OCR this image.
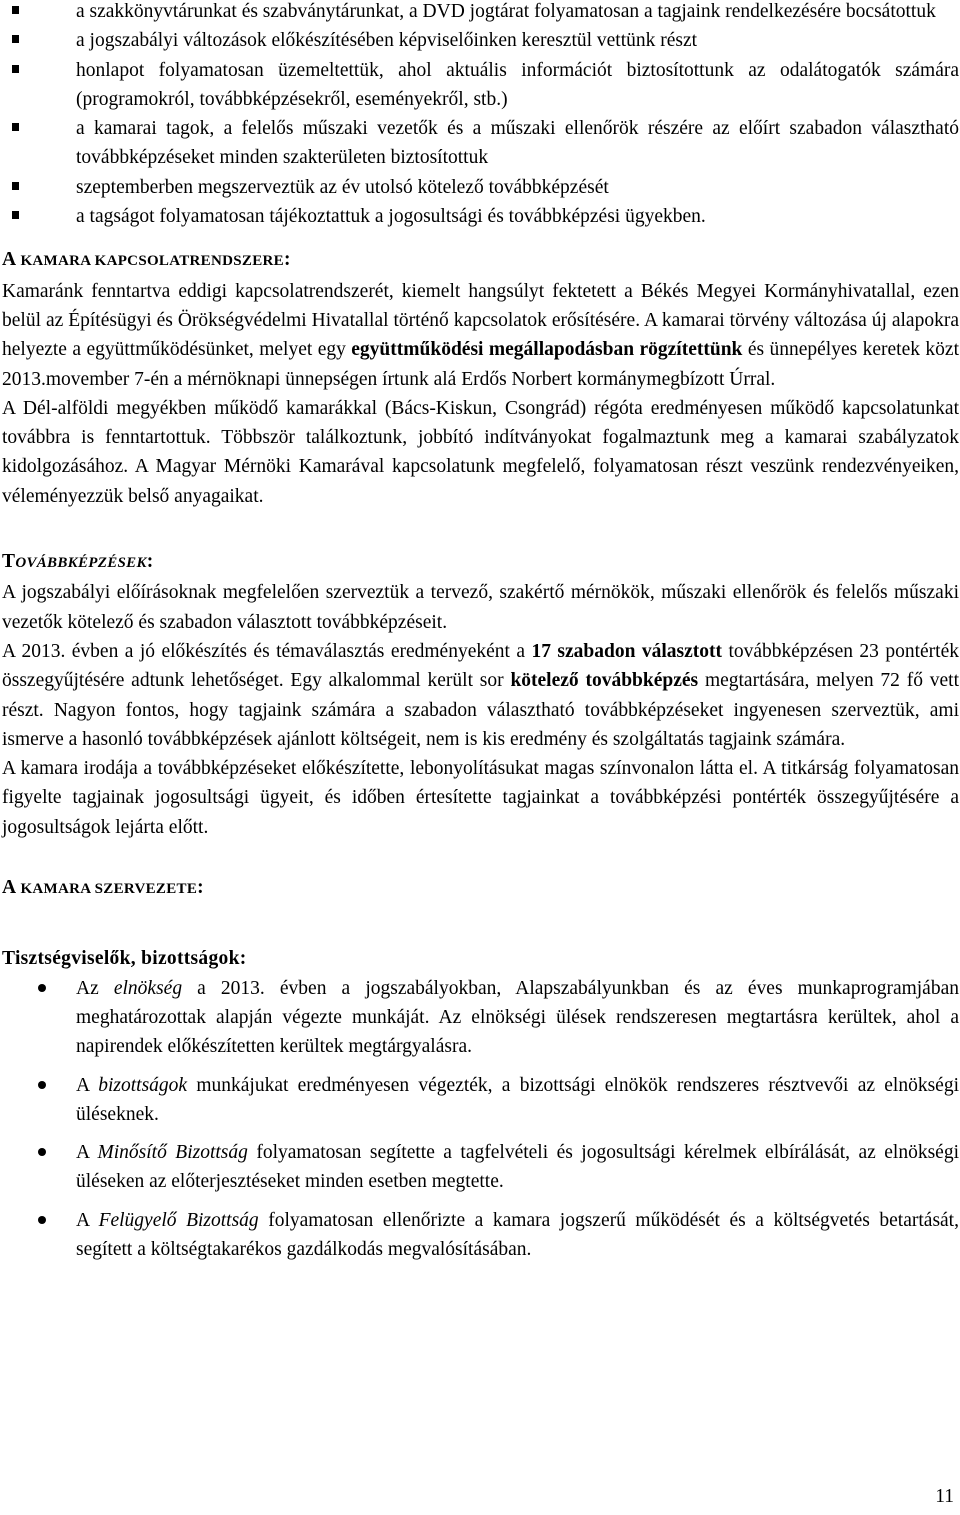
a szakkönyvtárunkat és szabványtárunkat, a DVD jogtárat folyamatosan a tagjaink rendelkezésére bocsátottuk
a jogszabályi változások előkészítésében képviselőinken keresztül vettünk részt
honlapot folyamatosan üzemeltettük, ahol aktuális információt biztosítottunk az odalátogatók számára (programokról, továbbképzésekről, eseményekről, stb.)
a kamarai tagok, a felelős műszaki vezetők és a műszaki ellenőrök részére az előírt szabadon választható továbbképzéseket minden szakterületen biztosítottuk
szeptemberben megszerveztük az év utolsó kötelező továbbképzését
a tagságot folyamatosan tájékoztattuk a jogosultsági és továbbképzési ügyekben.

A KAMARA KAPCSOLATRENDSZERE:

Kamaránk fenntartva eddigi kapcsolatrendszerét, kiemelt hangsúlyt fektetett a Békés Megyei Kormányhivatallal, ezen belül az Építésügyi és Örökségvédelmi Hivatallal történő kapcsolatok erősítésére. A kamarai törvény változása új alapokra helyezte a együttműködésünket, melyet egy együttműködési megállapodásban rögzítettünk és ünnepélyes keretek közt 2013.movember 7-én a mérnöknapi ünnepségen írtunk alá Erdős Norbert kormánymegbízott Úrral.

A Dél-alföldi megyékben működő kamarákkal (Bács-Kiskun, Csongrád) régóta eredményesen működő kapcsolatunkat továbbra is fenntartottuk. Többször találkoztunk, jobbító indítványokat fogalmaztunk meg a kamarai szabályzatok kidolgozásához. A Magyar Mérnöki Kamarával kapcsolatunk megfelelő, folyamatosan részt veszünk rendezvényeiken, véleményezzük belső anyagaikat.

TOVÁBBKÉPZÉSEK:

A jogszabályi előírásoknak megfelelően szerveztük a tervező, szakértő mérnökök, műszaki ellenőrök és felelős műszaki vezetők kötelező és szabadon választott továbbképzéseit.

A 2013. évben a jó előkészítés és témaválasztás eredményeként a 17 szabadon választott továbbképzésen 23 pontérték összegyűjtésére adtunk lehetőséget. Egy alkalommal került sor kötelező továbbképzés megtartására, melyen 72 fő vett részt. Nagyon fontos, hogy tagjaink számára a szabadon választható továbbképzéseket ingyenesen szerveztük, ami ismerve a hasonló továbbképzések ajánlott költségeit, nem is kis eredmény és szolgáltatás tagjaink számára.

A kamara irodája a továbbképzéseket előkészítette, lebonyolításukat magas színvonalon látta el. A titkárság folyamatosan figyelte tagjainak jogosultsági ügyeit, és időben értesítette tagjainkat a továbbképzési pontérték összegyűjtésére a jogosultságok lejárta előtt.

A KAMARA SZERVEZETE:

Tisztségviselők, bizottságok:

Az elnökség a 2013. évben a jogszabályokban, Alapszabályunkban és az éves munkaprogramjában meghatározottak alapján végezte munkáját. Az elnökségi ülések rendszeresen megtartásra kerültek, ahol a napirendek előkészítetten kerültek megtárgyalásra.
A bizottságok munkájukat eredményesen végezték, a bizottsági elnökök rendszeres résztvevői az elnökségi üléseknek.
A Minősítő Bizottság folyamatosan segítette a tagfelvételi és jogosultsági kérelmek elbírálását, az elnökségi üléseken az előterjesztéseket minden esetben megtette.
A Felügyelő Bizottság folyamatosan ellenőrizte a kamara jogszerű működését és a költségvetés betartását, segített a költségtakarékos gazdálkodás megvalósításában.
11
